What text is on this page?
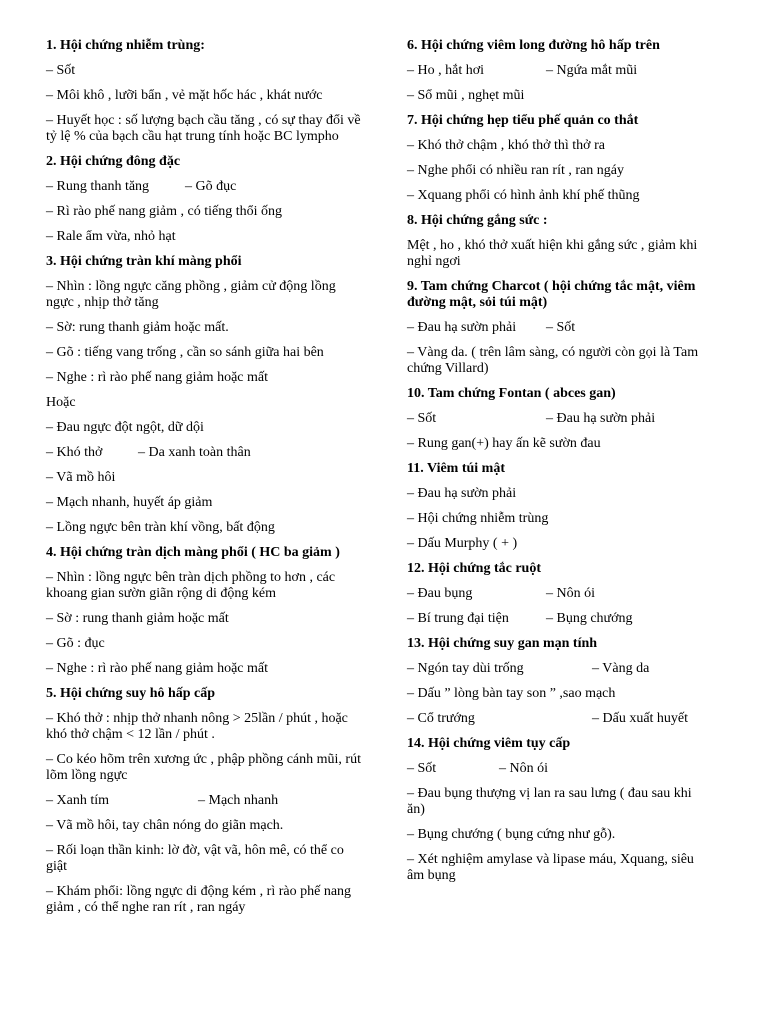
1. Hội chứng nhiễm trùng:
– Sốt
– Môi khô , lưỡi bẩn , vẻ mặt hốc hác , khát nước
– Huyết học : số lượng bạch cầu tăng , có sự thay đổi về tỷ lệ % của bạch cầu hạt trung tính hoặc BC lympho
2. Hội chứng đông đặc
– Rung thanh tăng	– Gõ đục
– Rì rào phế nang giảm , có tiếng thổi ống
– Rale ẩm vừa, nhỏ hạt
3. Hội chứng tràn khí màng phổi
– Nhìn : lồng ngực căng phồng , giảm cử động lồng ngực , nhịp thở tăng
– Sờ: rung thanh giảm hoặc mất.
– Gõ : tiếng vang trống , cần so sánh giữa hai bên
– Nghe : rì rào phế nang giảm hoặc mất
Hoặc
– Đau ngực đột ngột, dữ dội
– Khó thở	– Da xanh toàn thân
– Vã mồ hôi
– Mạch nhanh, huyết áp giảm
– Lồng ngực bên tràn khí vồng, bất động
4. Hội chứng tràn dịch màng phổi ( HC ba giảm )
– Nhìn : lồng ngực bên tràn dịch phồng to hơn , các khoang gian sườn giãn rộng di động kém
– Sờ : rung thanh giảm hoặc mất
– Gõ : đục
– Nghe : rì rào phế nang giảm hoặc mất
5. Hội chứng suy hô hấp cấp
– Khó thở : nhịp thở nhanh nông > 25lần / phút , hoặc khó thở chậm < 12 lần / phút .
– Co kéo hõm trên xương ức , phập phồng cánh mũi, rút lõm lồng ngực
– Xanh tím	– Mạch nhanh
– Vã mồ hôi, tay chân nóng do giãn mạch.
– Rối loạn thần kinh: lờ đờ, vật vã, hôn mê, có thể co giật
– Khám phổi: lồng ngực di động kém , rì rào phế nang giảm , có thể nghe ran rít , ran ngáy
6. Hội chứng viêm long đường hô hấp trên
– Ho , hắt hơi	– Ngứa mắt mũi
– Sổ mũi , nghẹt mũi
7. Hội chứng hẹp tiểu phế quản co thắt
– Khó thở chậm , khó thở thì thở ra
– Nghe phổi có nhiều ran rít , ran ngáy
– Xquang phổi có hình ảnh khí phế thũng
8. Hội chứng gắng sức :
Mệt , ho , khó thở xuất hiện khi gắng sức , giảm khi nghỉ ngơi
9. Tam chứng Charcot ( hội chứng tắc mật, viêm đường mật, sỏi túi mật)
– Đau hạ sườn phải	– Sốt
– Vàng da. ( trên lâm sàng, có người còn gọi là Tam chứng Villard)
10. Tam chứng Fontan ( abces gan)
– Sốt	– Đau hạ sườn phải
– Rung gan(+) hay ấn kẽ sườn đau
11. Viêm túi mật
– Đau hạ sườn phải
– Hội chứng nhiễm trùng
– Dấu Murphy ( + )
12. Hội chứng tắc ruột
– Đau bụng	– Nôn ói
– Bí trung đại tiện	– Bụng chướng
13. Hội chứng suy gan mạn tính
– Ngón tay dùi trống	– Vàng da
– Dấu ” lòng bàn tay son ” ,sao mạch
– Cổ trướng	– Dấu xuất huyết
14. Hội chứng viêm tụy cấp
– Sốt	– Nôn ói
– Đau bụng thượng vị lan ra sau lưng ( đau sau khi ăn)
– Bụng chướng ( bụng cứng như gỗ).
– Xét nghiệm amylase và lipase máu, Xquang, siêu âm bụng
